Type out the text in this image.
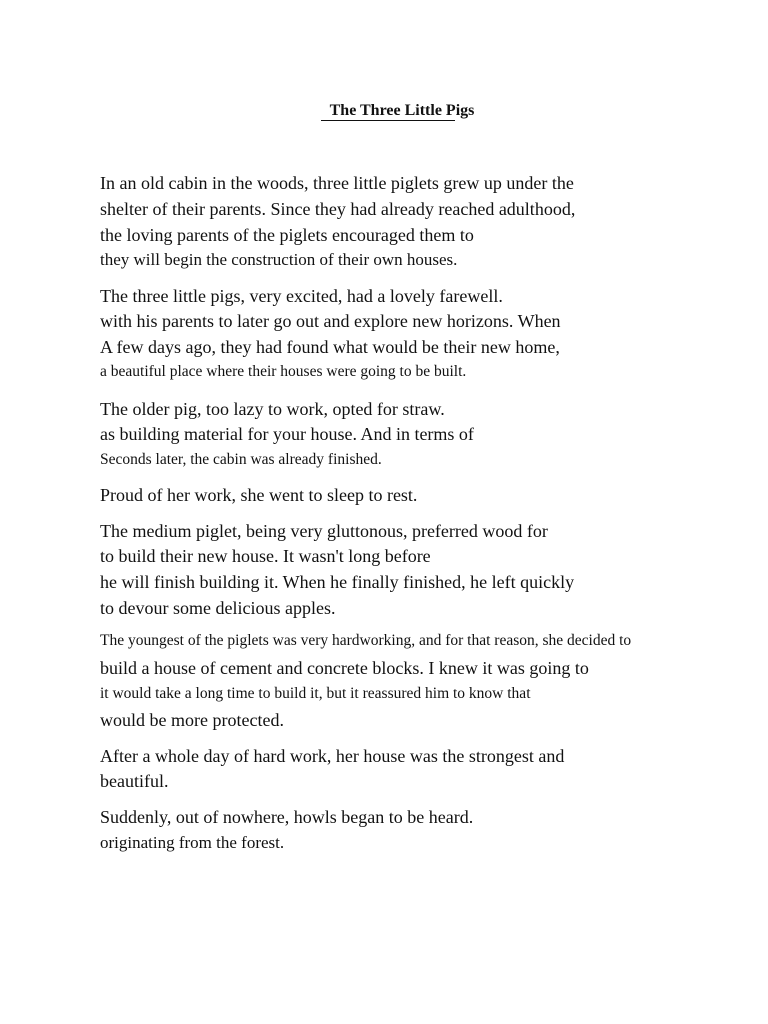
The Three Little Pigs
In an old cabin in the woods, three little piglets grew up under the
shelter of their parents. Since they had already reached adulthood,
the loving parents of the piglets encouraged them to
they will begin the construction of their own houses.
The three little pigs, very excited, had a lovely farewell.
with his parents to later go out and explore new horizons. When
A few days ago, they had found what would be their new home,
a beautiful place where their houses were going to be built.
The older pig, too lazy to work, opted for straw.
as building material for your house. And in terms of
Seconds later, the cabin was already finished.
Proud of her work, she went to sleep to rest.
The medium piglet, being very gluttonous, preferred wood for
to build their new house. It wasn't long before
he will finish building it. When he finally finished, he left quickly
to devour some delicious apples.
The youngest of the piglets was very hardworking, and for that reason, she decided to
build a house of cement and concrete blocks. I knew it was going to
it would take a long time to build it, but it reassured him to know that
would be more protected.
After a whole day of hard work, her house was the strongest and
beautiful.
Suddenly, out of nowhere, howls began to be heard.
originating from the forest.
